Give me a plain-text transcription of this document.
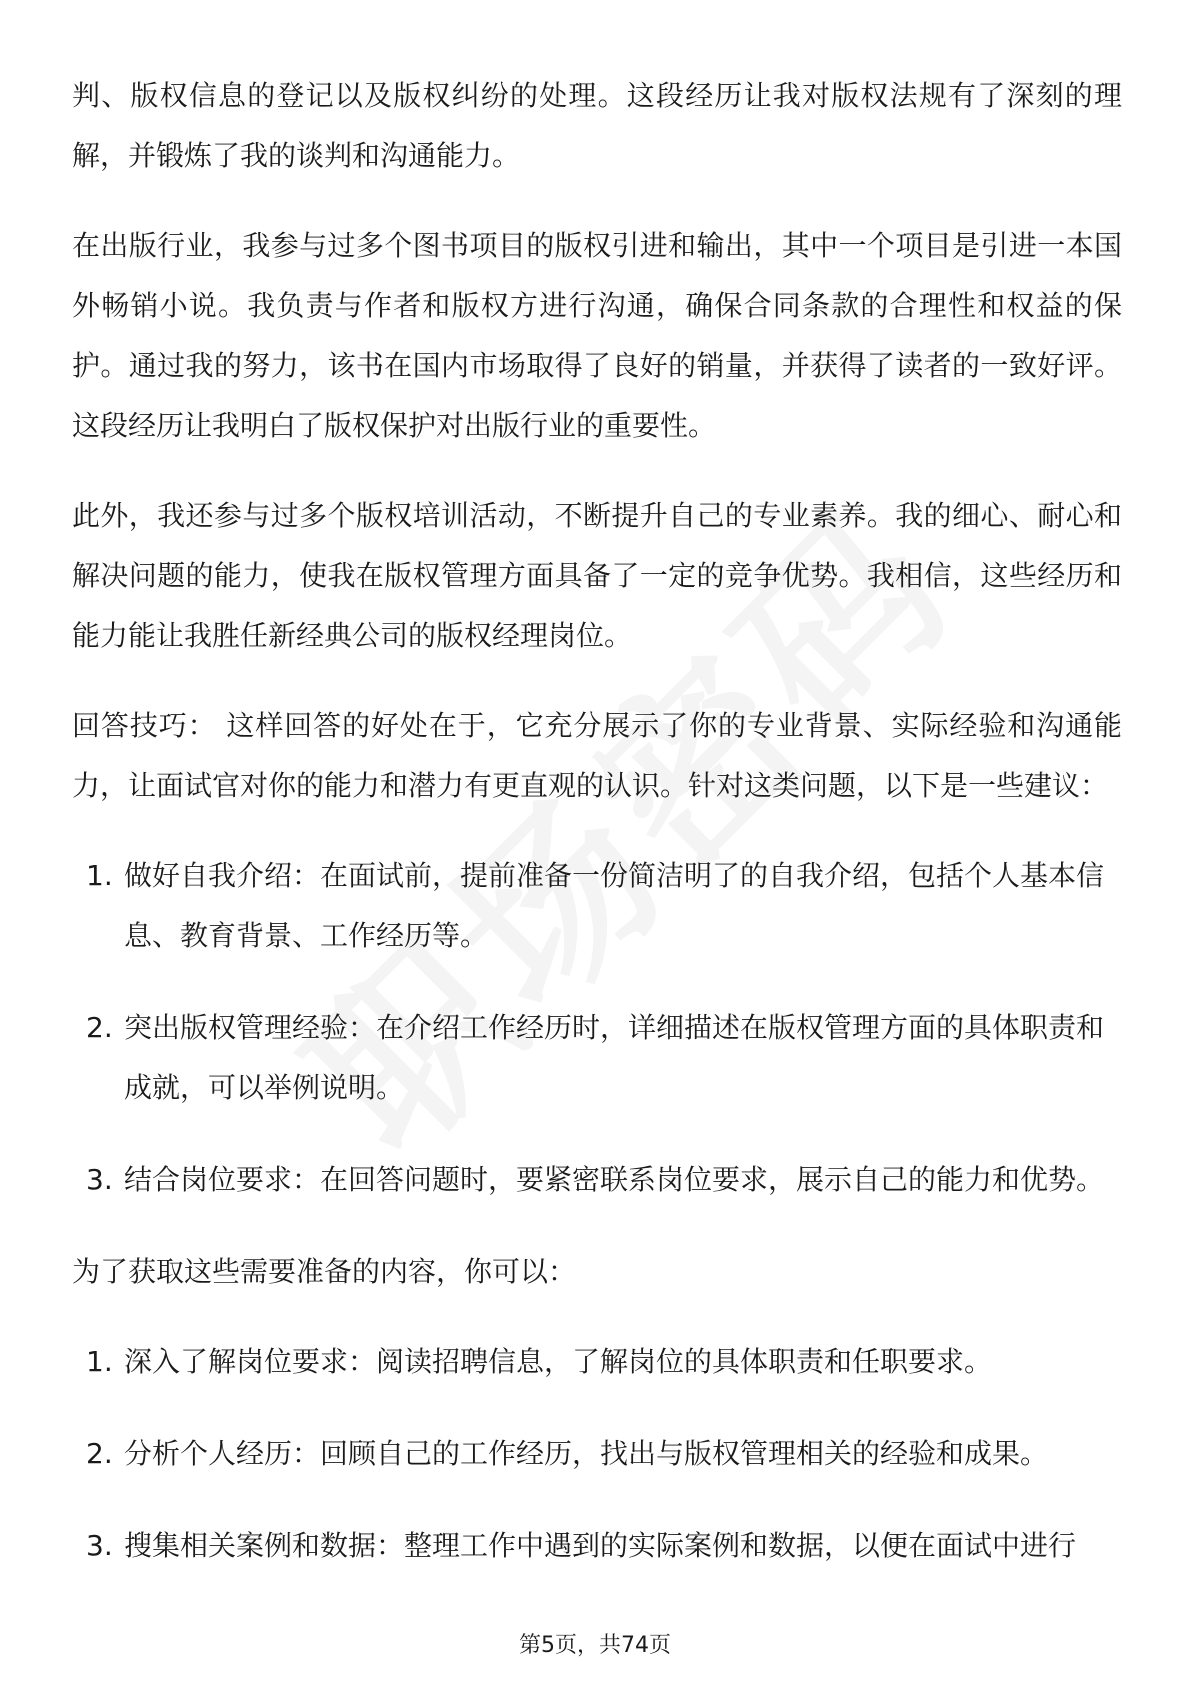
判、版权信息的登记以及版权纠纷的处理。这段经历让我对版权法规有了深刻的理解，并锻炼了我的谈判和沟通能力。

在出版行业，我参与过多个图书项目的版权引进和输出，其中一个项目是引进一本国外畅销小说。我负责与作者和版权方进行沟通，确保合同条款的合理性和权益的保护。通过我的努力，该书在国内市场取得了良好的销量，并获得了读者的一致好评。这段经历让我明白了版权保护对出版行业的重要性。

此外，我还参与过多个版权培训活动，不断提升自己的专业素养。我的细心、耐心和解决问题的能力，使我在版权管理方面具备了一定的竞争优势。我相信，这些经历和能力能让我胜任新经典公司的版权经理岗位。

回答技巧： 这样回答的好处在于，它充分展示了你的专业背景、实际经验和沟通能力，让面试官对你的能力和潜力有更直观的认识。针对这类问题，以下是一些建议：

1. 做好自我介绍：在面试前，提前准备一份简洁明了的自我介绍，包括个人基本信息、教育背景、工作经历等。
2. 突出版权管理经验：在介绍工作经历时，详细描述在版权管理方面的具体职责和成就，可以举例说明。
3. 结合岗位要求：在回答问题时，要紧密联系岗位要求，展示自己的能力和优势。

为了获取这些需要准备的内容，你可以：

1. 深入了解岗位要求：阅读招聘信息，了解岗位的具体职责和任职要求。
2. 分析个人经历：回顾自己的工作经历，找出与版权管理相关的经验和成果。
3. 搜集相关案例和数据：整理工作中遇到的实际案例和数据，以便在面试中进行
第5页，共74页
